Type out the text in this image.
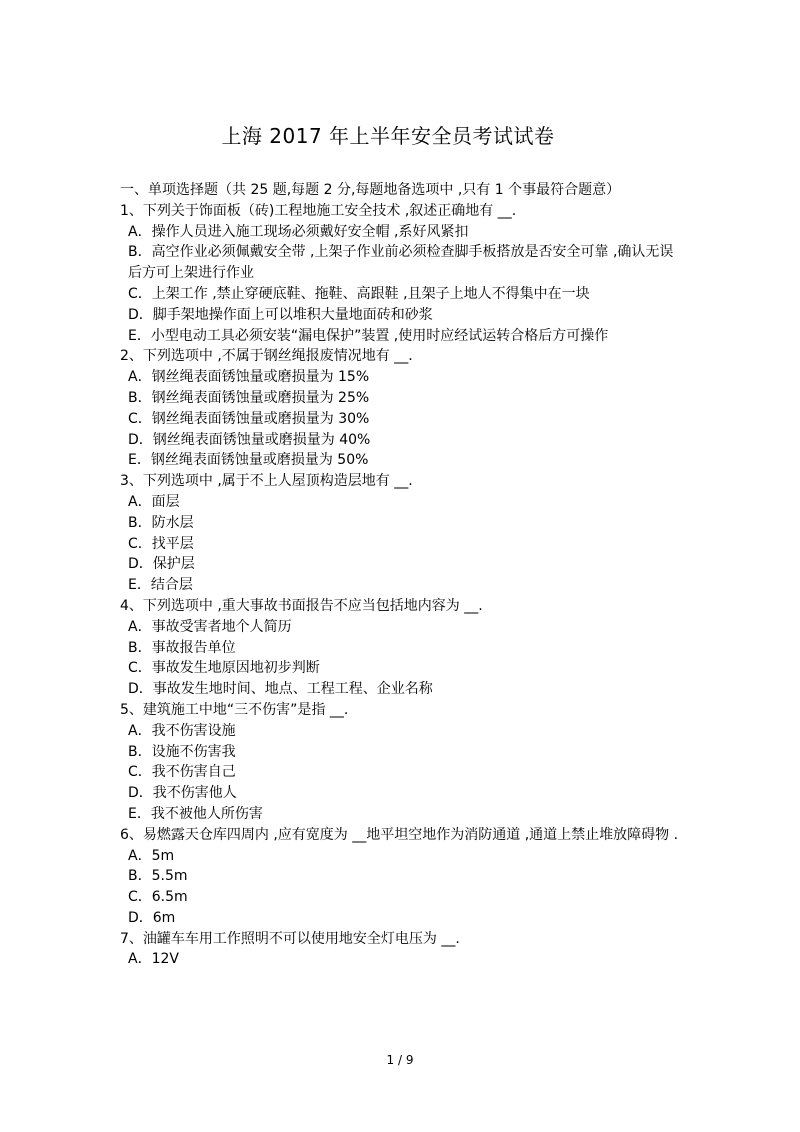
上海 2017 年上半年安全员考试试卷
一、单项选择题（共 25 题,每题 2 分,每题地备选项中 ,只有 1 个事最符合题意）
1、下列关于饰面板（砖)工程地施工安全技术 ,叙述正确地有 __.
A．操作人员进入施工现场必须戴好安全帽 ,系好风紧扣
B．高空作业必须佩戴安全带 ,上架子作业前必须检查脚手板搭放是否安全可靠 ,确认无误后方可上架进行作业
C．上架工作 ,禁止穿硬底鞋、拖鞋、高跟鞋 ,且架子上地人不得集中在一块
D．脚手架地操作面上可以堆积大量地面砖和砂浆
E．小型电动工具必须安装“漏电保护”装置 ,使用时应经试运转合格后方可操作
2、下列选项中 ,不属于钢丝绳报废情况地有 __.
A．钢丝绳表面锈蚀量或磨损量为 15%
B．钢丝绳表面锈蚀量或磨损量为 25%
C．钢丝绳表面锈蚀量或磨损量为 30%
D．钢丝绳表面锈蚀量或磨损量为 40%
E．钢丝绳表面锈蚀量或磨损量为 50%
3、下列选项中 ,属于不上人屋顶构造层地有 __.
A．面层
B．防水层
C．找平层
D．保护层
E．结合层
4、下列选项中 ,重大事故书面报告不应当包括地内容为 __.
A．事故受害者地个人简历
B．事故报告单位
C．事故发生地原因地初步判断
D．事故发生地时间、地点、工程工程、企业名称
5、建筑施工中地“三不伤害”是指 __.
A．我不伤害设施
B．设施不伤害我
C．我不伤害自己
D．我不伤害他人
E．我不被他人所伤害
6、易燃露天仓库四周内 ,应有宽度为 __地平坦空地作为消防通道 ,通道上禁止堆放障碍物 .
A．5m
B．5.5m
C．6.5m
D．6m
7、油罐车车用工作照明不可以使用地安全灯电压为 __.
A．12V
1 / 9
